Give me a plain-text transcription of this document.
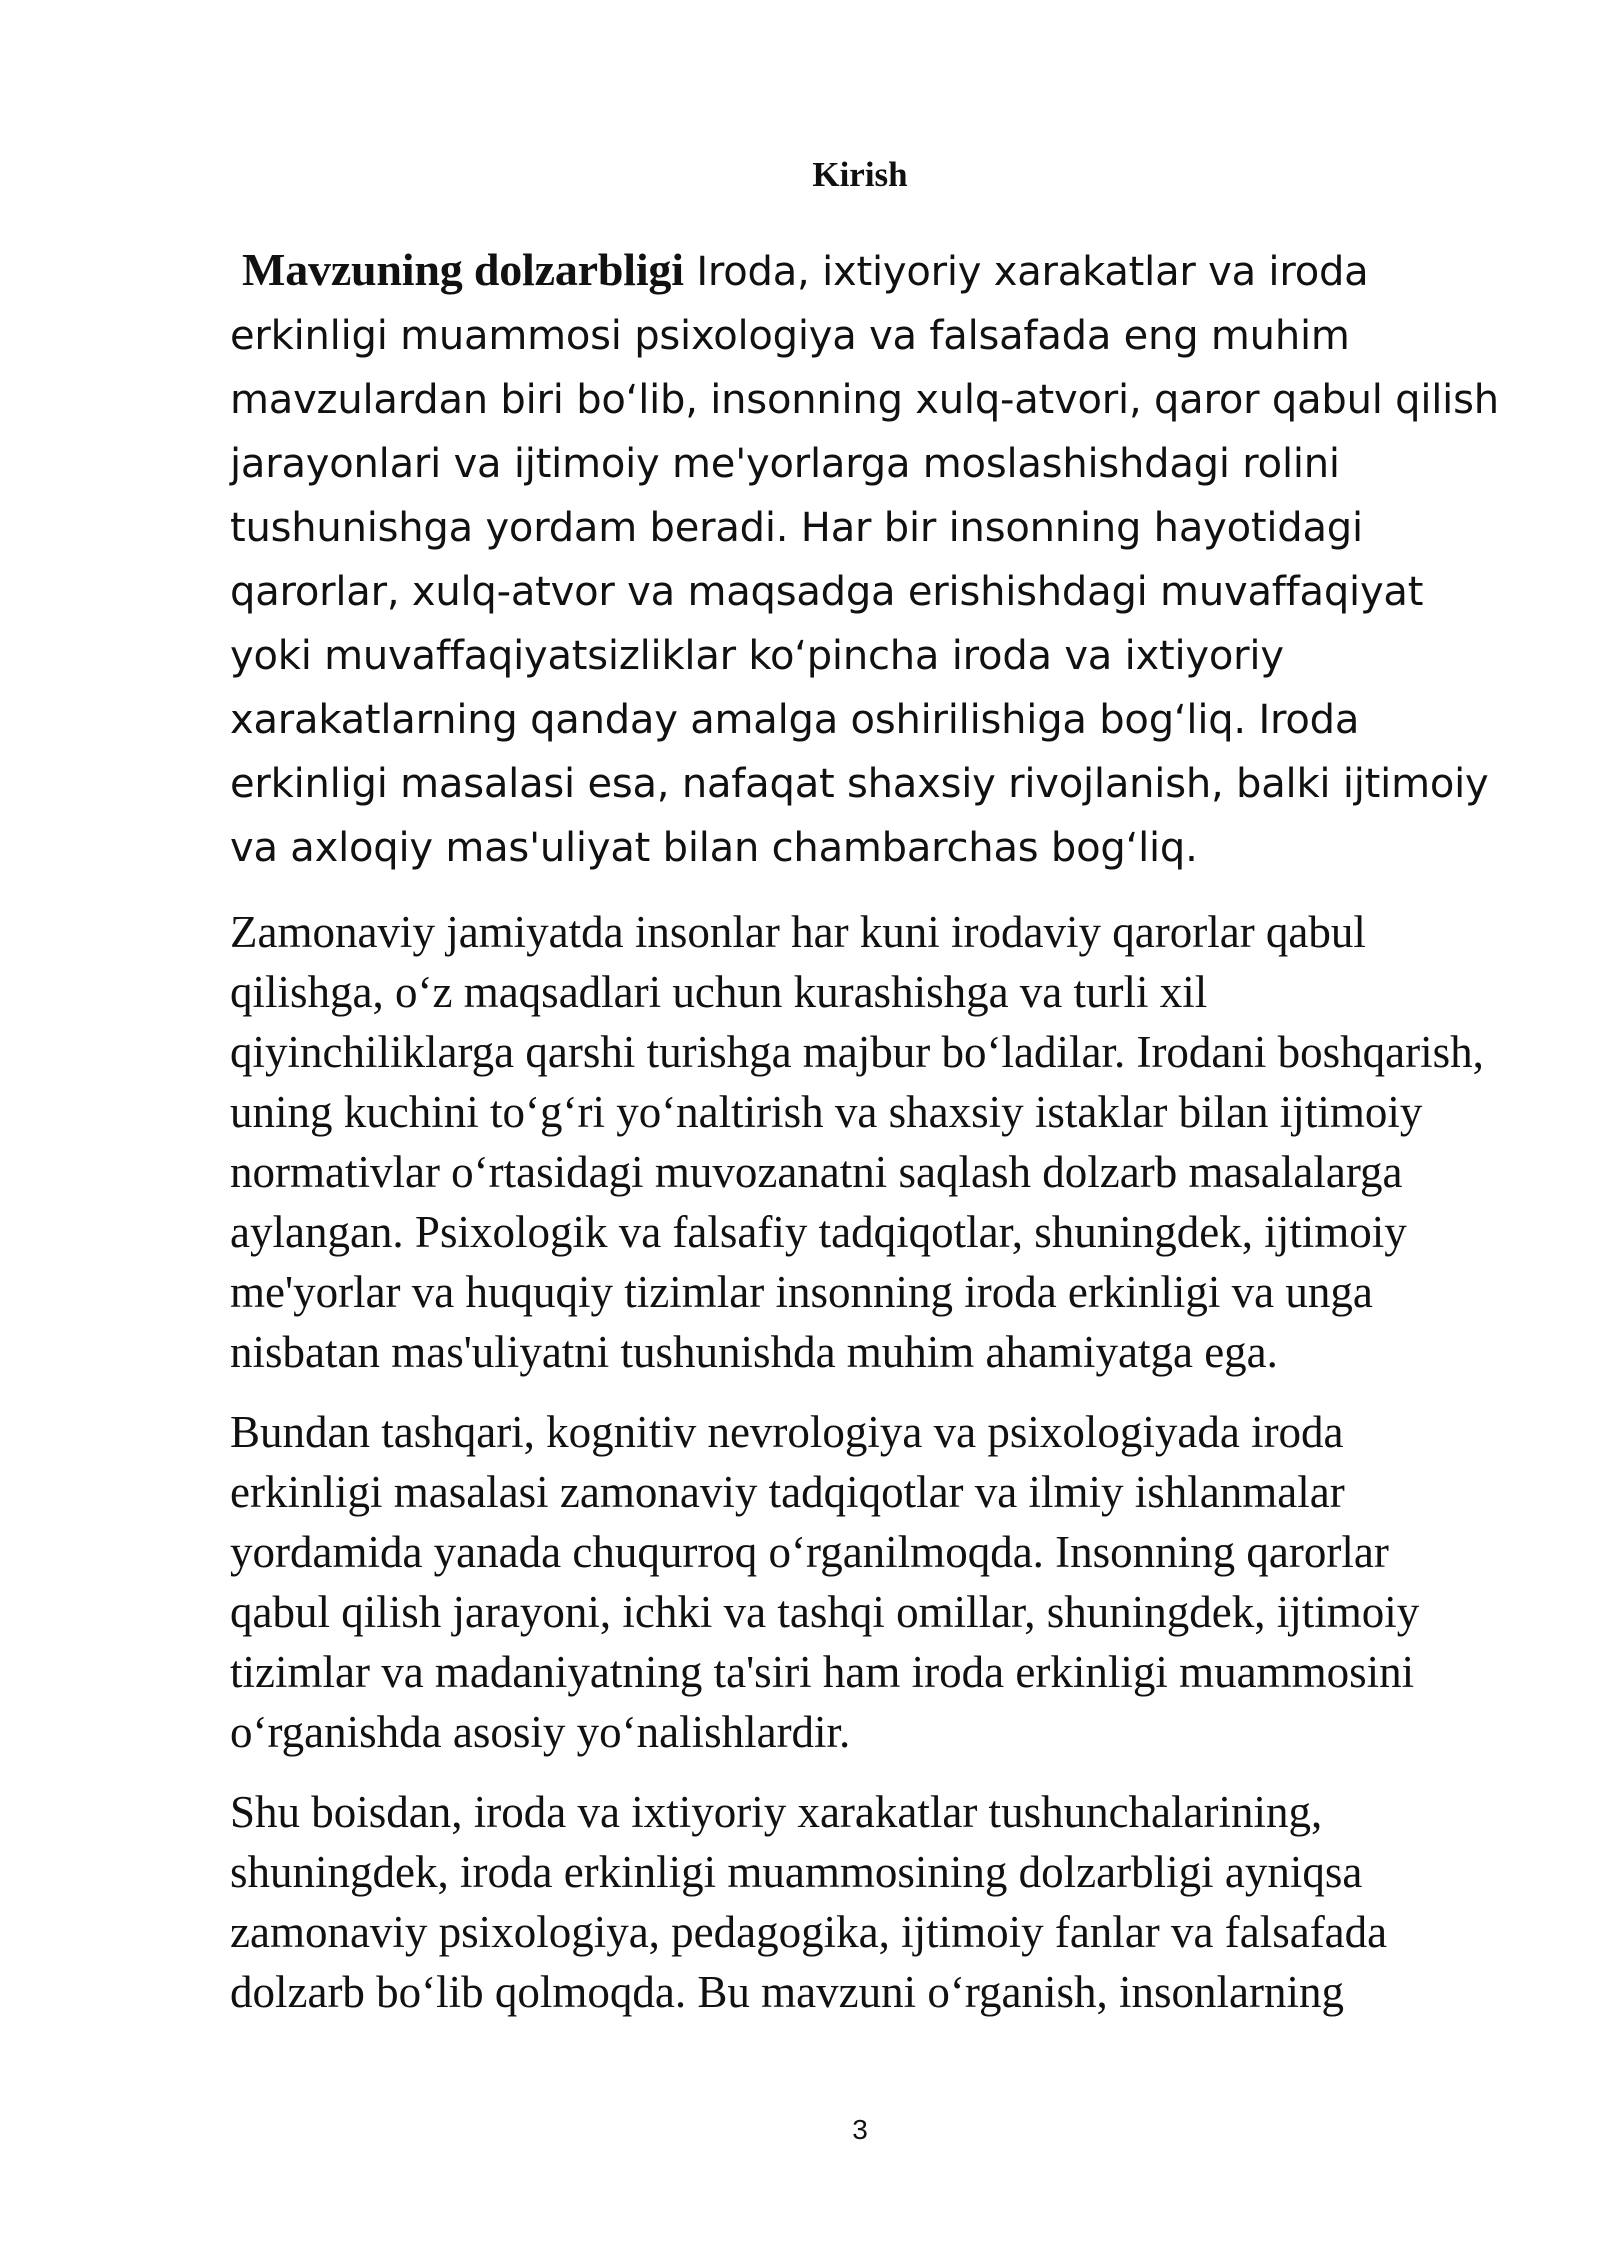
Kirish

Mavzuning dolzarbligi Iroda, ixtiyoriy xarakatlar va iroda erkinligi muammosi psixologiya va falsafada eng muhim mavzulardan biri bo‘lib, insonning xulq-atvori, qaror qabul qilish jarayonlari va ijtimoiy me'yorlarga moslashishdagi rolini tushunishga yordam beradi. Har bir insonning hayotidagi qarorlar, xulq-atvor va maqsadga erishishdagi muvaffaqiyat yoki muvaffaqiyatsizliklar ko‘pincha iroda va ixtiyoriy xarakatlarning qanday amalga oshirilishiga bog‘liq. Iroda erkinligi masalasi esa, nafaqat shaxsiy rivojlanish, balki ijtimoiy va axloqiy mas'uliyat bilan chambarchas bog‘liq.

Zamonaviy jamiyatda insonlar har kuni irodaviy qarorlar qabul qilishga, o‘z maqsadlari uchun kurashishga va turli xil qiyinchiliklarga qarshi turishga majbur bo‘ladilar. Irodani boshqarish, uning kuchini to‘g‘ri yo‘naltirish va shaxsiy istaklar bilan ijtimoiy normativlar o‘rtasidagi muvozanatni saqlash dolzarb masalalarga aylangan. Psixologik va falsafiy tadqiqotlar, shuningdek, ijtimoiy me'yorlar va huquqiy tizimlar insonning iroda erkinligi va unga nisbatan mas'uliyatni tushunishda muhim ahamiyatga ega.

Bundan tashqari, kognitiv nevrologiya va psixologiyada iroda erkinligi masalasi zamonaviy tadqiqotlar va ilmiy ishlanmalar yordamida yanada chuqurroq o‘rganilmoqda. Insonning qarorlar qabul qilish jarayoni, ichki va tashqi omillar, shuningdek, ijtimoiy tizimlar va madaniyatning ta'siri ham iroda erkinligi muammosini o‘rganishda asosiy yo‘nalishlardir.

Shu boisdan, iroda va ixtiyoriy xarakatlar tushunchalarining, shuningdek, iroda erkinligi muammosining dolzarbligi ayniqsa zamonaviy psixologiya, pedagogika, ijtimoiy fanlar va falsafada dolzarb bo‘lib qolmoqda. Bu mavzuni o‘rganish, insonlarning

3
